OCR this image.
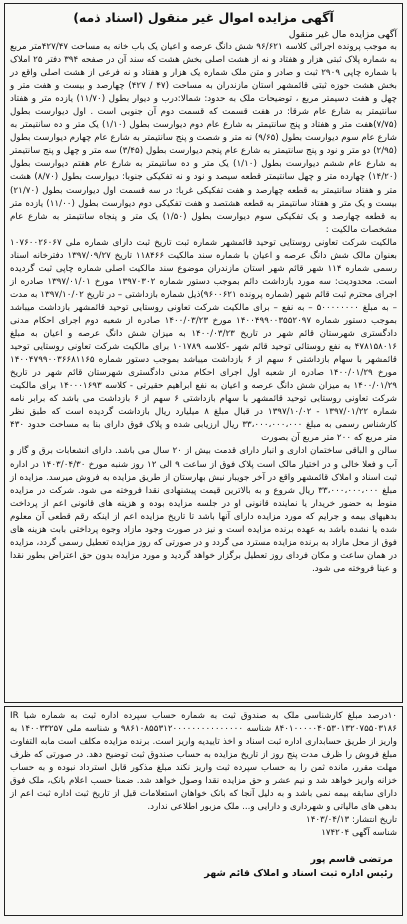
آگهی مزایده اموال غیر منقول (اسناد ذمه)

آگهی مزایده مال غیر منقول

به موجب پرونده اجرائی کلاسه ۹۶/۶۲۱ شش دانگ عرصه و اعیان یک باب خانه به مساحت ۴۲۷/۴۷متر مربع به شماره پلاک ثبتی هزار و هفتاد و نه از هشت اصلی بخش هشت که سند آن در صفحه ۳۹۴ دفتر ۲۵ املاک با شماره چاپی ۲۹۰۹ ثبت و صادر و متن ملک شماره یک هزار و هفتاد و نه فرعی از هشت اصلی واقع در بخش هشت حوزه ثبتی قائمشهر استان مازندران به مساحت (۴۷ / ۴۲۷) چهارصد و بیست و هفت متر و چهل و هفت دسیمتر مربع ، توضیحات ملک به حدود: شمالا:درب و دیوار بطول (۱۱/۷۰) یازده متر و هفتاد سانتیمتر به شارع عام شرقا: در هفت قسمت که قسمت دوم آن جنوبی است . اول دیوارست بطول (۷/۷۵)هفت متر و هفتاد و پنج سانتیمتر به شارع عام دوم دیوارست بطول (۱/۱۰) یک متر و ده سانتیمتر به شارع عام سوم دیوارست بطول (۹/۶۵) نه متر و شصت و پنج سانتیمتر به شارع عام چهارم دیوارست بطول (۲/۹۵) دو متر و نود و پنج سانتیمتر به شارع عام پنجم دیوارست بطول (۳/۴۵) سه متر و چهل و پنج سانتیمتر به شارع عام ششم دیوارست بطول (۱/۱۰) یک متر و ده سانتیمتر به شارع عام هفتم دیوارست بطول (۱۴/۲۰) چهارده متر و چهل سانتیمتر قطعه سیصد و نود و نه تفکیکی جنوبا: دیوارست بطول (۸/۷۰) هشت متر و هفتاد سانتیمتر به قطعه چهارصد و هفت تفکیکی غربا: در سه قسمت اول دیوارست بطول (۲۱/۷۰) بیست و یک متر و هفتاد سانتیمتر به قطعه هشتصد و هفت تفکیکی دوم دیوارست بطول (۱۱/۰۰) یازده متر به قطعه چهارصد و یک تفکیکی سوم دیوارست بطول (۱/۵۰) یک متر و پنجاه سانتیمتر به شارع عام مشخصات مالکیت :

مالکیت شرکت تعاونی روستایی توحید قائمشهر شماره ثبت تاریخ ثبت دارای شماره ملی ۱۰۷۶۰۰۲۶۰۶۷ بعنوان مالک شش دانگ عرصه و اعیان با شماره سند مالکیت ۱۱۸۴۶۶ تاریخ ۱۳۹۷/۰۹/۲۷ دفترخانه اسناد رسمی شماره ۱۱۴ شهر قائم شهر استان مازندران موضوع سند مالکیت اصلی شماره چاپی ثبت گردیده است. محدودیت: سه مورد بازداشت دائم بموجب دستور شماره ۱۳۹۷۰۳۰۲ مورخ ۱۳۹۷/۰۱/۰۱ صادره از اجرای محترم ثبت قائم شهر (شماره پرونده ۹۶۰۰۶۲۱)ذیل شماره بازداشتی – در تاریخ ۱۳۹۷/۱۰/۰۲ به مدت – به مبلغ ۵۰۰۰۰۰۰۰۰ – به نفع – برای مالکیت شرکت تعاونی روستایی توحید قائمشهر بازداشت میباشد بموجب دستور شماره ۱۴۰۰۴۹۹۰۰۳۵۵۲۰۹۷ مورخ ۱۴۰۰/۰۳/۲۳ صادره از شعبه دوم اجرای احکام مدنی دادگستری شهرستان قائم شهر در تاریخ ۱۴۰۰/۰۳/۲۳ به میزان شش دانگ عرصه و اعیان به مبلغ ۴۷۸۱۵۸۰۱۶ به نفع روستائی توحید قائم شهر -کلاسه ۱۰۱۷۸۹ برای مالکیت شرکت تعاونی روستایی توحید قائمشهر با سهام بازداشتی ۶ سهم از ۶ بازداشت میباشد بموجب دستور شماره ۱۴۰۰۴۷۹۹۰۰۳۶۶۸۱۱۶۵ مورخ ۱۴۰۰/۰۱/۲۹ صادره از شعبه اول اجرای احکام مدنی دادگستری شهرستان قائم شهر در تاریخ ۱۴۰۰/۰۱/۲۹ به میزان شش دانگ عرصه و اعیان به نفع ابراهیم حقیرتی - کلاسه ۱۴۰۰۰۱۶۹۳ برای مالکیت شرکت تعاونی روستایی توحید قائمشهر با سهام بازداشتی ۶ سهم از ۶ بازداشت می باشد که برابر نامه شماره ۱۳۹۷/۰۱/۲۲ - ۱۳۹۷/۱۰/۰۲ در قبال مبلغ ۸ میلیارد ریال بازداشت گردیده است که طبق نظر کارشناس رسمی به مبلغ ۳۳،۰۰۰،۰۰۰،۰۰۰ ریال ارزیابی شده و پلاک فوق دارای بنا به مساحت حدود ۴۳۰ متر مربع که ۲۰۰ متر مربع آن بصورت

سالن و الباقی ساختمان اداری و انبار دارای قدمت بیش از ۲۰ سال می باشد. دارای انشعابات برق و گاز و آب و فعلا خالی و در اختیار مالک است پلاک فوق از ساعت ۹ الی ۱۲ روز شنبه مورخ ۱۴۰۳/۰۴/۳۰ در اداره ثبت اسناد و املاک قائمشهر واقع در آخر جویبار نبش بهارستان از طریق مزایده به فروش میرسد. مزایده از مبلغ ۳۳،۰۰۰،۰۰۰،۰۰۰ ریال شروع و به بالاترین قیمت پیشنهادی نقدا فروخته می شود. شرکت در مزایده منوط به حضور خریدار یا نماینده قانونی او در جلسه مزایده بوده و هزینه های قانونی اعم از پرداخت بدهیهای بیمه و جرایم که مورد مزایده دارای آنها باشد تا تاریخ مزایده اعم از اینکه رقم قطعی آن معلوم شده یا نشده باشد به عهده برنده مزایده است و نیز در صورت وجود مازاد وجوه پرداختی بابت هزینه های فوق از محل مازاد به برنده مزایده مسترد می گردد و در صورتی که روز مزایده تعطیل رسمی گردد، مزایده در همان ساعت و مکان فردای روز تعطیل برگزار خواهد گردید و مورد مزایده بدون حق اعتراض بطور نقدا و عینا فروخته می شود.

۱۰درصد مبلغ کارشناسی ملک به صندوق ثبت به شماره حساب سپرده اداره ثبت به شماره شبا IR ۸۴۰۱۰۰۰۰۰۴۰۵۳۰۱۳۲۰۷۵۵۰۳۱۸۶ شناسه ۹۸۶۱۰۸۵۵۳۱۲۰۰۰۰۰۰۰۰۰۰۰۰۰۰۰ و شناسه ملی ۱۴۰۰۳۳۲۵۷ به واریز از طریق حسابداری اداره ثبت اسناد و اخذ تاییدیه واریز است. برنده مزایده مکلف است مابه التفاوت مبلغ فروش را ظرف مدت پنج روز از تاریخ مزایده به حساب صندوق ثبت توضیح دهد. در صورتی که ظرف مهلت مقرر، مانده ثمن را به حساب سپرده ثبت واریز نکند مبلغ مذکور قابل استرداد نبوده و به حساب خزانه واریز خواهد شد و نیم عشر و حق مزایده نقدا وصول خواهد شد. ضمنا حسب اعلام بانک، ملک فوق دارای سابقه بیمه نمی باشد و به دلیل آنجا که بانک خواهان استعلامات قبل از تاریخ ثبت اداره ثبت اعم از بدهی های مالیاتی و شهرداری و دارایی و... ملک مزبور اطلاعی ندارد.

تاریخ انتشار: ۱۴۰۳/۰۴/۱۳

شناسه آگهی ۱۷۴۲۰۴

مرتضی قاسم پور
رئیس اداره ثبت اسناد و املاک قائم شهر
